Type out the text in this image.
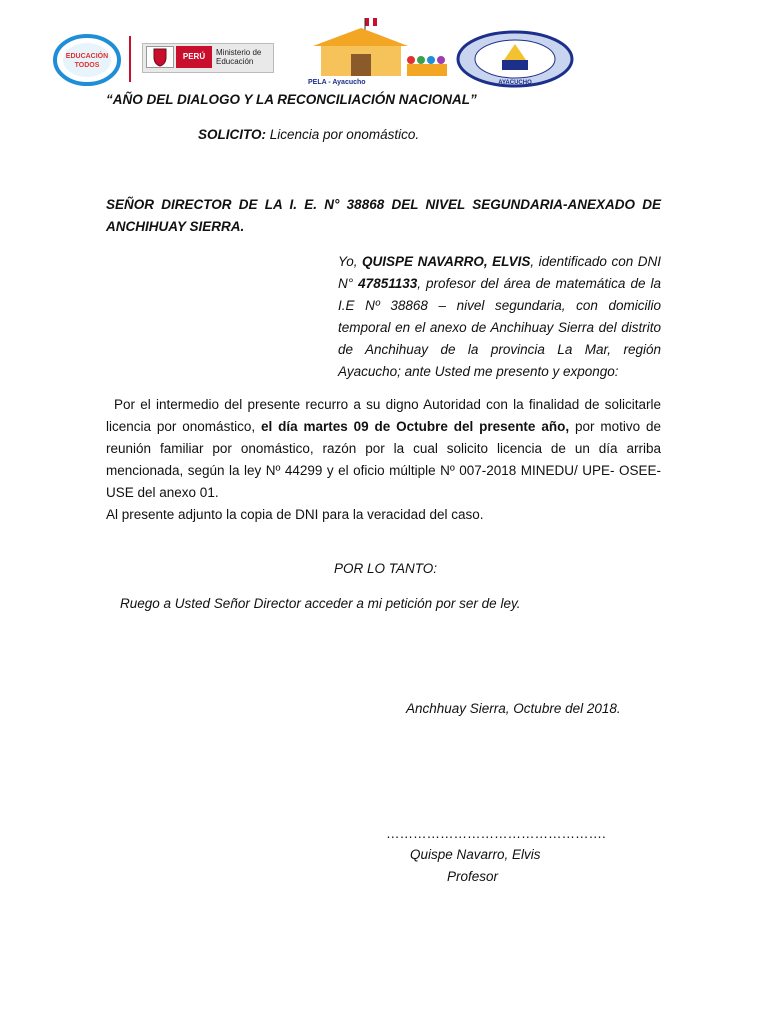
EDUCACIÓN
TODOS
PERÚ	Ministerio de Educación
PELA - Ayacucho	AYACUCHO
“AÑO DEL DIALOGO Y LA RECONCILIACIÓN NACIONAL”
SOLICITO: Licencia por onomástico.
SEÑOR DIRECTOR DE LA I. E. N° 38868 DEL NIVEL SEGUNDARIA-ANEXADO DE ANCHIHUAY SIERRA.
Yo, QUISPE NAVARRO, ELVIS, identificado con DNI N° 47851133, profesor del área de matemática de la I.E Nº 38868 – nivel segundaria, con domicilio temporal en el anexo de Anchihuay Sierra del distrito de Anchihuay de la provincia La Mar, región Ayacucho; ante Usted me presento y expongo:
Por el intermedio del presente recurro a su digno Autoridad con la finalidad de solicitarle licencia por onomástico, el día martes 09 de Octubre del presente año, por motivo de reunión familiar por onomástico, razón por la cual solicito licencia de un día arriba mencionada, según la ley Nº 44299 y el oficio múltiple Nº 007-2018 MINEDU/ UPE- OSEE-USE del anexo 01.
Al presente adjunto la copia de DNI para la veracidad del caso.
POR LO TANTO:
Ruego a Usted Señor Director acceder a mi petición por ser de ley.
Anchhuay Sierra, Octubre del 2018.
………………………………………….
Quispe Navarro, Elvis
Profesor
